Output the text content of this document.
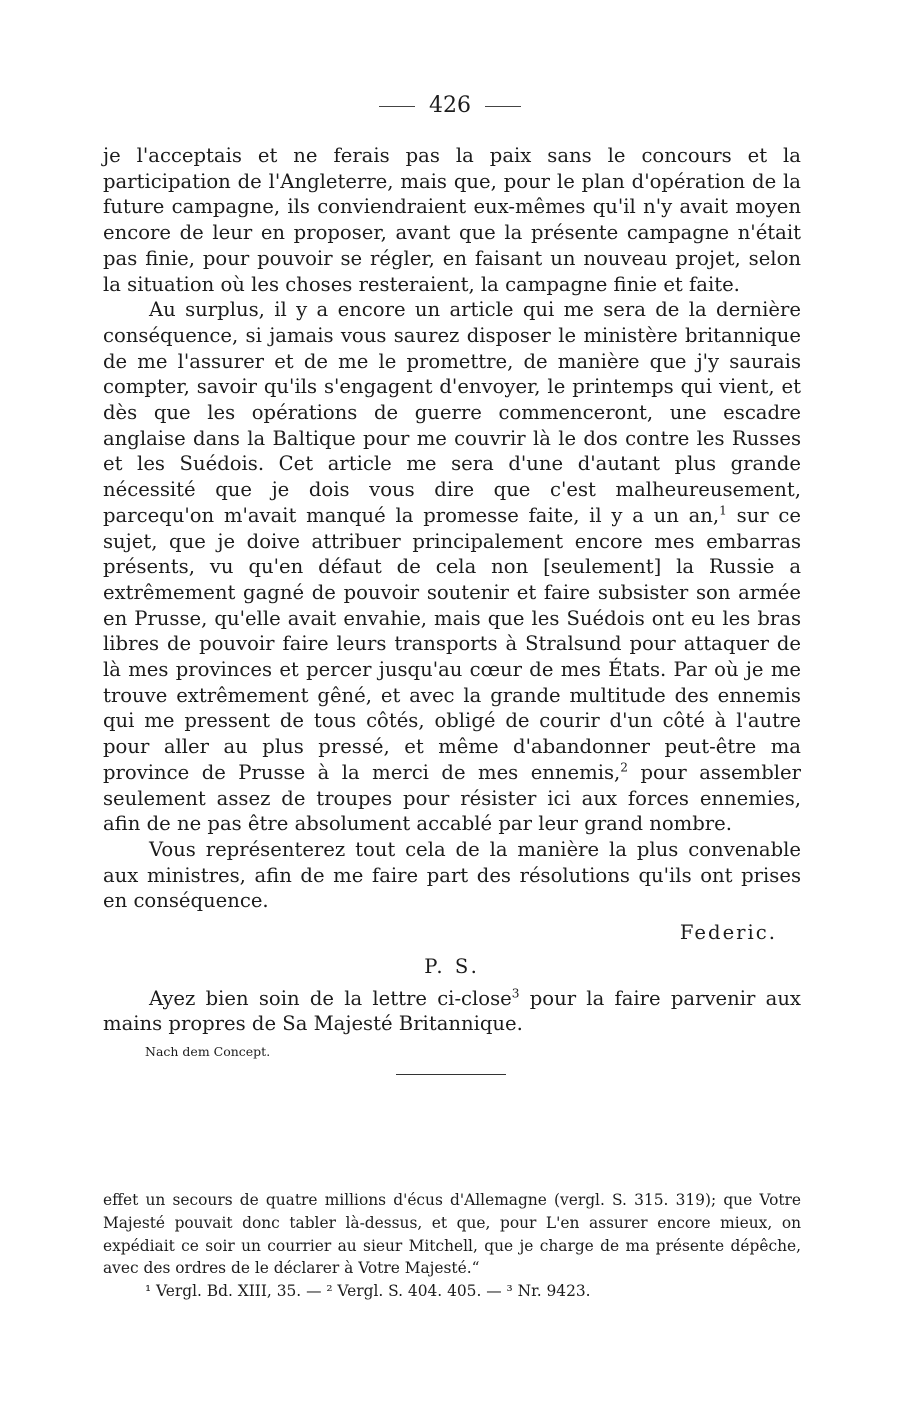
426

je l'acceptais et ne ferais pas la paix sans le concours et la participation de l'Angleterre, mais que, pour le plan d'opération de la future campagne, ils conviendraient eux-mêmes qu'il n'y avait moyen encore de leur en proposer, avant que la présente campagne n'était pas finie, pour pouvoir se régler, en faisant un nouveau projet, selon la situation où les choses resteraient, la campagne finie et faite.

Au surplus, il y a encore un article qui me sera de la dernière conséquence, si jamais vous saurez disposer le ministère britannique de me l'assurer et de me le promettre, de manière que j'y saurais compter, savoir qu'ils s'engagent d'envoyer, le printemps qui vient, et dès que les opérations de guerre commenceront, une escadre anglaise dans la Baltique pour me couvrir là le dos contre les Russes et les Suédois. Cet article me sera d'une d'autant plus grande nécessité que je dois vous dire que c'est malheureusement, parcequ'on m'avait manqué la promesse faite, il y a un an,$^1$ sur ce sujet, que je doive attribuer principalement encore mes embarras présents, vu qu'en défaut de cela non [seulement] la Russie a extrêmement gagné de pouvoir soutenir et faire subsister son armée en Prusse, qu'elle avait envahie, mais que les Suédois ont eu les bras libres de pouvoir faire leurs transports à Stralsund pour attaquer de là mes provinces et percer jusqu'au cœur de mes États. Par où je me trouve extrêmement gêné, et avec la grande multitude des ennemis qui me pressent de tous côtés, obligé de courir d'un côté à l'autre pour aller au plus pressé, et même d'abandonner peut-être ma province de Prusse à la merci de mes ennemis,$^2$ pour assembler seulement assez de troupes pour résister ici aux forces ennemies, afin de ne pas être absolument accablé par leur grand nombre.

Vous représenterez tout cela de la manière la plus convenable aux ministres, afin de me faire part des résolutions qu'ils ont prises en conséquence.

Federic.

P. S.

Ayez bien soin de la lettre ci-close$^3$ pour la faire parvenir aux mains propres de Sa Majesté Britannique.

Nach dem Concept.

effet un secours de quatre millions d'écus d'Allemagne (vergl. S. 315. 319); que Votre Majesté pouvait donc tabler là-dessus, et que, pour L'en assurer encore mieux, on expédiait ce soir un courrier au sieur Mitchell, que je charge de ma présente dépêche, avec des ordres de le déclarer à Votre Majesté.“

¹ Vergl. Bd. XIII, 35. — ² Vergl. S. 404. 405. — ³ Nr. 9423.
